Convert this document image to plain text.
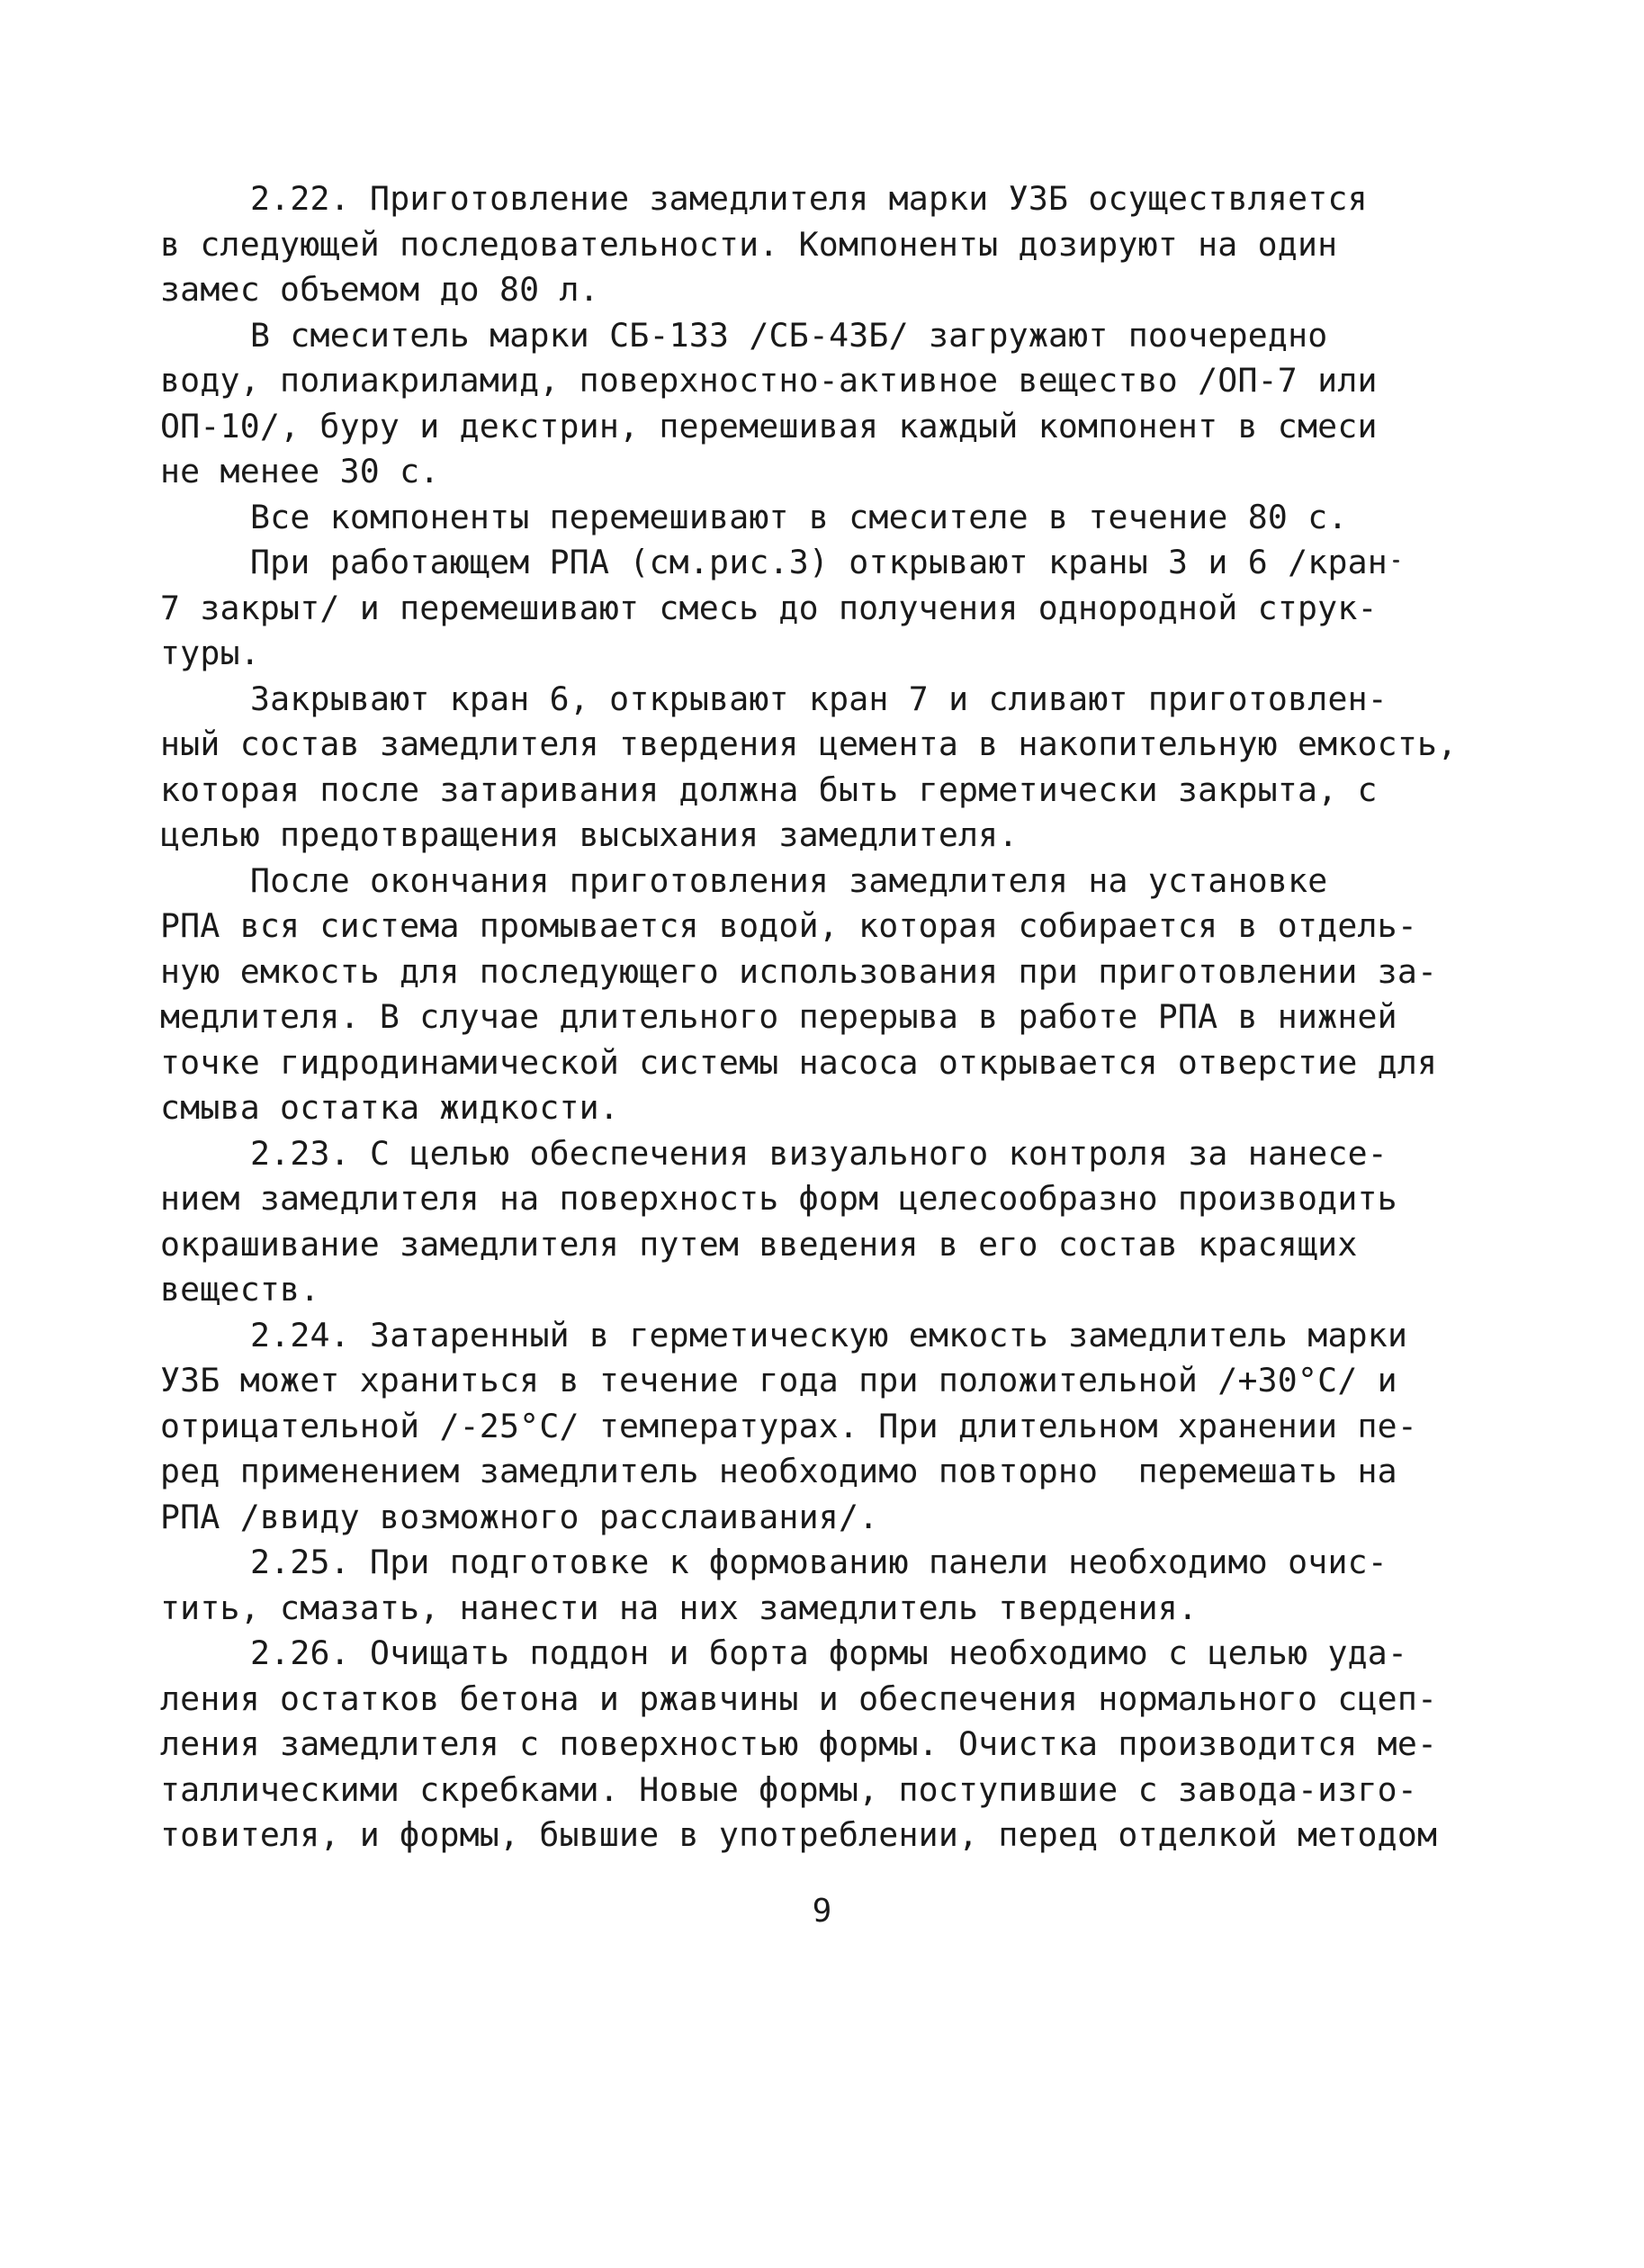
2.22. Приготовление замедлителя марки УЗБ осуществляется
в следующей последовательности. Компоненты дозируют на один
замес объемом до 80 л.
В смеситель марки СБ-133 /СБ-43Б/ загружают поочередно
воду, полиакриламид, поверхностно-активное вещество /ОП-7 или
ОП-10/, буру и декстрин, перемешивая каждый компонент в смеси
не менее 30 с.
Все компоненты перемешивают в смесителе в течение 80 с.
При работающем РПА (см.рис.3) открывают краны 3 и 6 /кран
7 закрыт/ и перемешивают смесь до получения однородной струк-
туры.
Закрывают кран 6, открывают кран 7 и сливают приготовлен-
ный состав замедлителя твердения цемента в накопительную емкость,
которая после затаривания должна быть герметически закрыта, с
целью предотвращения высыхания замедлителя.
После окончания приготовления замедлителя на установке
РПА вся система промывается водой, которая собирается в отдель-
ную емкость для последующего использования при приготовлении за-
медлителя. В случае длительного перерыва в работе РПА в нижней
точке гидродинамической системы насоса открывается отверстие для
смыва остатка жидкости.
2.23. С целью обеспечения визуального контроля за нанесе-
нием замедлителя на поверхность форм целесообразно производить
окрашивание замедлителя путем введения в его состав красящих
веществ.
2.24. Затаренный в герметическую емкость замедлитель марки
УЗБ может храниться в течение года при положительной /+30°С/ и
отрицательной /-25°С/ температурах. При длительном хранении пе-
ред применением замедлитель необходимо повторно  перемешать на
РПА /ввиду возможного расслаивания/.
2.25. При подготовке к формованию панели необходимо очис-
тить, смазать, нанести на них замедлитель твердения.
2.26. Очищать поддон и борта формы необходимо с целью уда-
ления остатков бетона и ржавчины и обеспечения нормального сцеп-
ления замедлителя с поверхностью формы. Очистка производится ме-
таллическими скребками. Новые формы, поступившие с завода-изго-
товителя, и формы, бывшие в употреблении, перед отделкой методом
9
